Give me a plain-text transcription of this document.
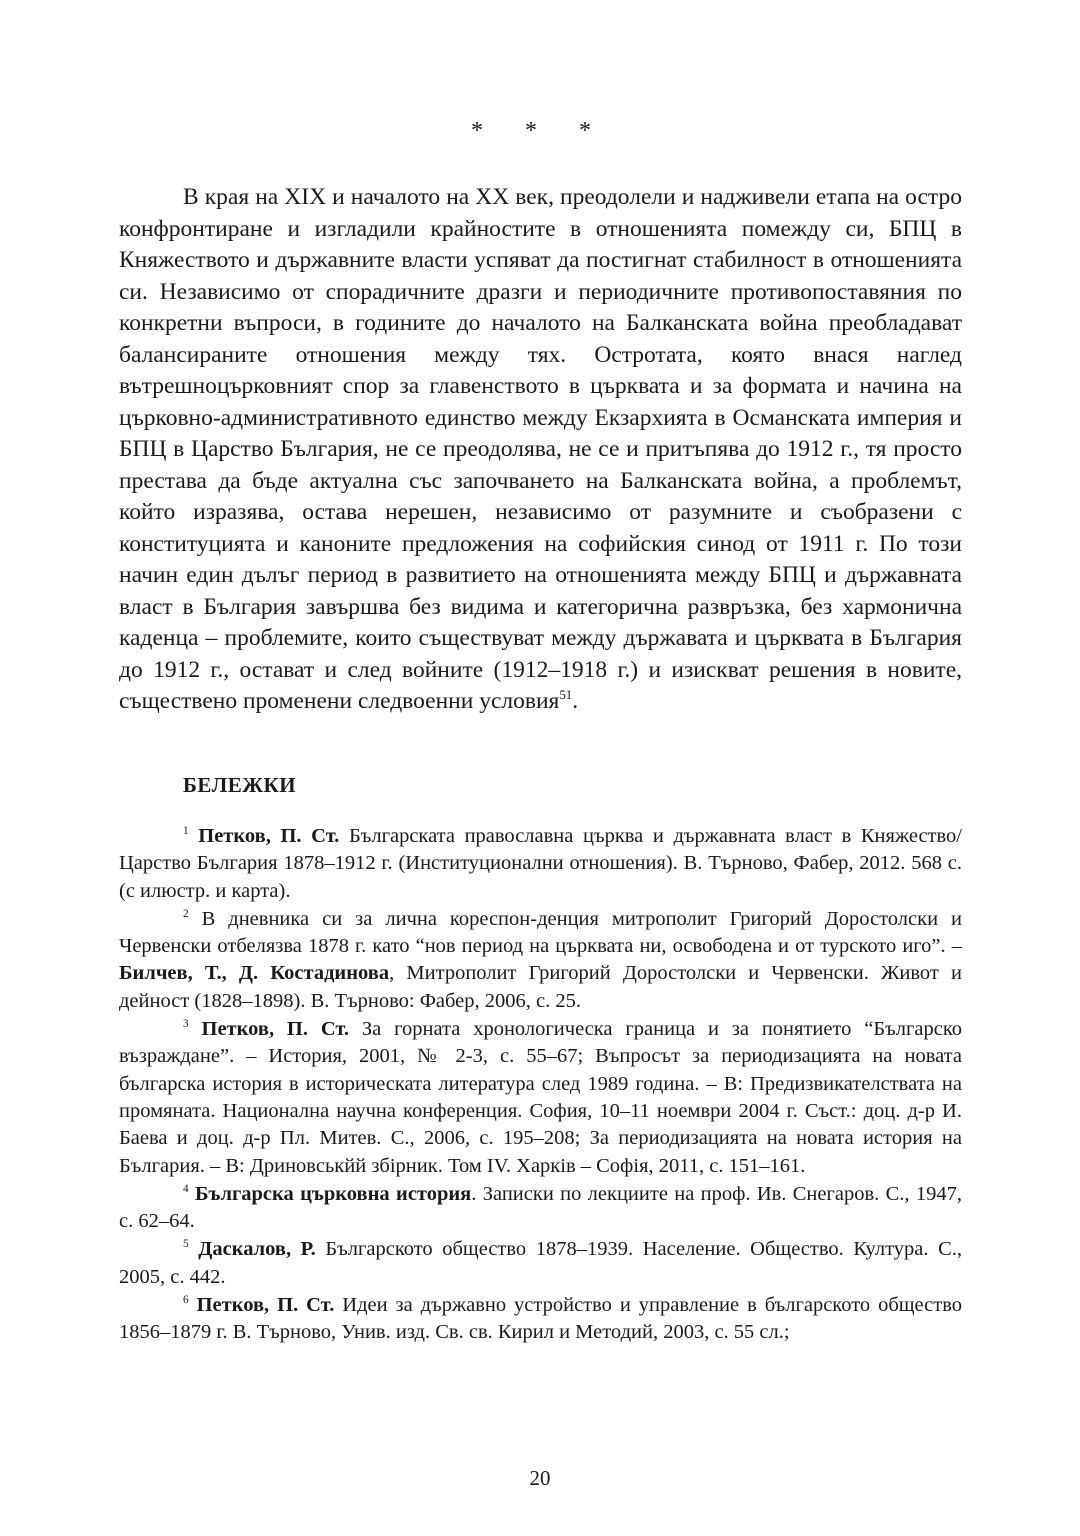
* * *

В края на XIX и началото на XX век, преодолели и надживели етапа на остро конфронтиране и изгладили крайностите в отношенията помежду си, БПЦ в Княжеството и държавните власти успяват да постигнат стабилност в отношенията си. Независимо от спорадичните дразги и периодичните противопоставяния по конкретни въпроси, в годините до началото на Балканската война преобладават балансираните отношения между тях. Остротата, която внася наглед вътрешноцърковният спор за главенството в църквата и за формата и начина на църковно-административното единство между Екзархията в Османската империя и БПЦ в Царство България, не се преодолява, не се и притъпява до 1912 г., тя просто престава да бъде актуална със започването на Балканската война, а проблемът, който изразява, остава нерешен, независимо от разумните и съобразени с конституцията и каноните предложения на софийския синод от 1911 г. По този начин един дълъг период в развитието на отношенията между БПЦ и държавната власт в България завършва без видима и категорична развръзка, без хармонична каденца – проблемите, които съществуват между държавата и църквата в България до 1912 г., остават и след войните (1912–1918 г.) и изискват решения в новите, съществено променени следвоенни условия$^{51}$.

БЕЛЕЖКИ

$^1$ Петков, П. Ст. Българската православна църква и държавната власт в Княжество/Царство България 1878–1912 г. (Институционални отношения). В. Търново, Фабер, 2012. 568 с. (с илюстр. и карта).

$^2$ В дневника си за лична кореспон-денция митрополит Григорий Доростолски и Червенски отбелязва 1878 г. като “нов период на църквата ни, освободена и от турското иго”. – Билчев, Т., Д. Костадинова, Митрополит Григорий Доростолски и Червенски. Живот и дейност (1828–1898). В. Търново: Фабер, 2006, с. 25.

$^3$ Петков, П. Ст. За горната хронологическа граница и за понятието “Българско възраждане”. – История, 2001, № 2-3, с. 55–67; Въпросът за периодизацията на новата българска история в историческата литература след 1989 година. – В: Предизвикателствата на промяната. Национална научна конференция. София, 10–11 ноември 2004 г. Съст.: доц. д-р И. Баева и доц. д-р Пл. Митев. С., 2006, с. 195–208; За периодизацията на новата история на България. – В: Дриновськйй збірник. Том IV. Харків – Софія, 2011, с. 151–161.

$^4$ Българска църковна история. Записки по лекциите на проф. Ив. Снегаров. С., 1947, с. 62–64.

$^5$ Даскалов, Р. Българското общество 1878–1939. Население. Общество. Култура. С., 2005, с. 442.

$^6$ Петков, П. Ст. Идеи за държавно устройство и управление в българското общество 1856–1879 г. В. Търново, Унив. изд. Св. св. Кирил и Методий, 2003, с. 55 сл.;

20
